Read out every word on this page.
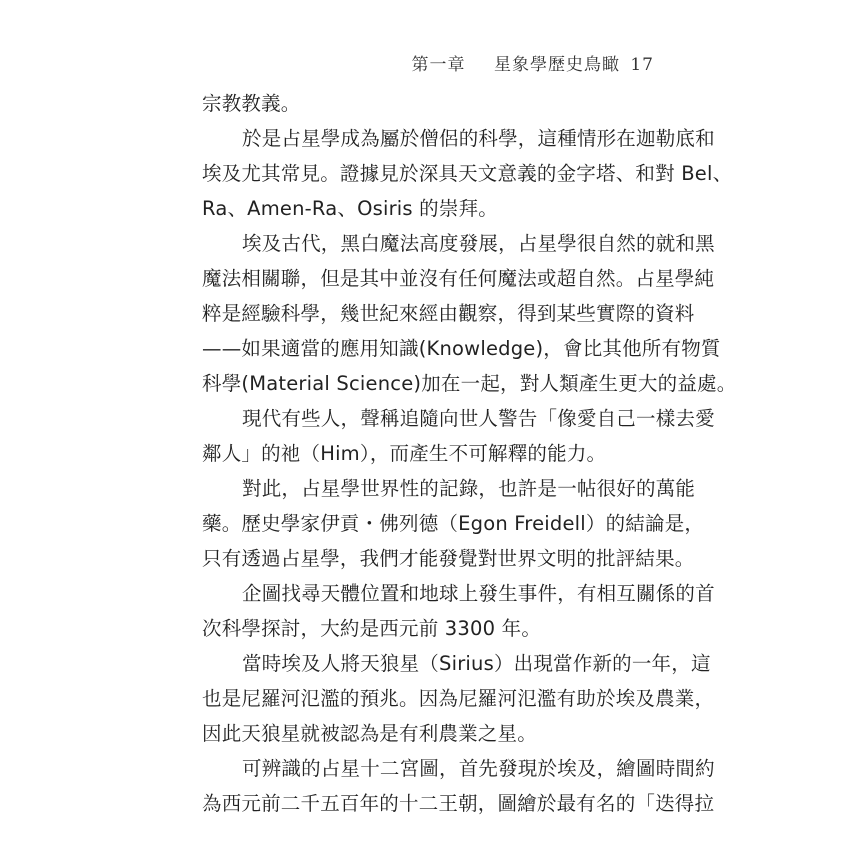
第一章 星象學歷史鳥瞰 17
宗教教義。
於是占星學成為屬於僧侶的科學，這種情形在迦勒底和
埃及尤其常見。證據見於深具天文意義的金字塔、和對 Bel、
Ra、Amen-Ra、Osiris 的崇拜。
埃及古代，黑白魔法高度發展，占星學很自然的就和黑
魔法相關聯，但是其中並沒有任何魔法或超自然。占星學純
粹是經驗科學，幾世紀來經由觀察，得到某些實際的資料
——如果適當的應用知識(Knowledge)，會比其他所有物質
科學(Material Science)加在一起，對人類產生更大的益處。
現代有些人，聲稱追隨向世人警告「像愛自己一樣去愛
鄰人」的祂（Him），而產生不可解釋的能力。
對此，占星學世界性的記錄，也許是一帖很好的萬能
藥。歷史學家伊貢・佛列德（Egon Freidell）的結論是，
只有透過占星學，我們才能發覺對世界文明的批評結果。
企圖找尋天體位置和地球上發生事件，有相互關係的首
次科學探討，大約是西元前 3300 年。
當時埃及人將天狼星（Sirius）出現當作新的一年，這
也是尼羅河氾濫的預兆。因為尼羅河氾濫有助於埃及農業，
因此天狼星就被認為是有利農業之星。
可辨識的占星十二宮圖，首先發現於埃及，繪圖時間約
為西元前二千五百年的十二王朝，圖繪於最有名的「迭得拉
